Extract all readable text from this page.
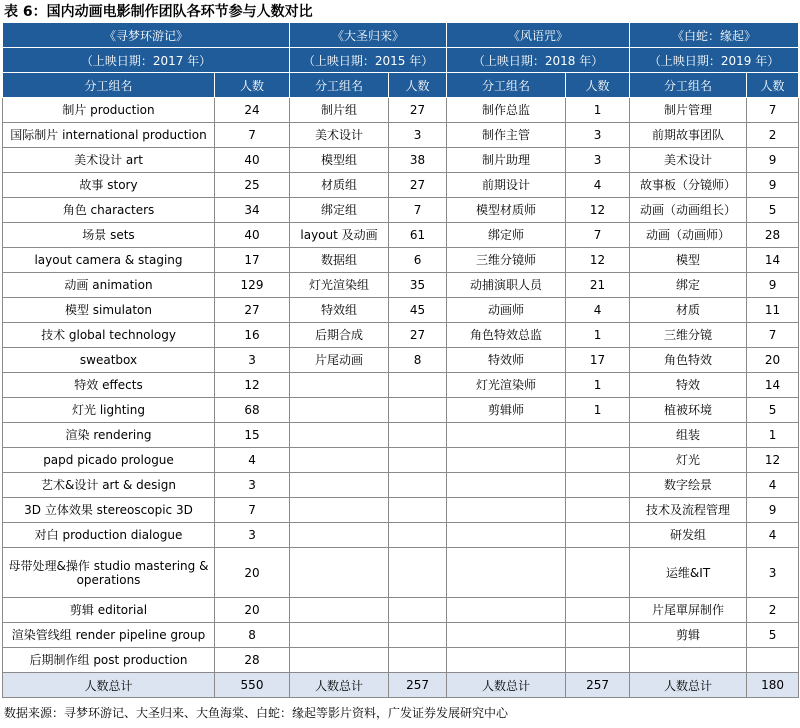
表 6：国内动画电影制作团队各环节参与人数对比
《寻梦环游记》		《大圣归来》		《风语咒》		《白蛇：缘起》	
（上映日期：2017 年）		（上映日期：2015 年）		（上映日期：2018 年）		（上映日期：2019 年）	
分工组名	人数	分工组名	人数	分工组名	人数	分工组名	人数
制片 production	24	制片组	27	制作总监	1	制片管理	7
国际制片 international production	7	美术设计	3	制作主管	3	前期故事团队	2
美术设计 art	40	模型组	38	制片助理	3	美术设计	9
故事 story	25	材质组	27	前期设计	4	故事板（分镜师）	9
角色 characters	34	绑定组	7	模型材质师	12	动画（动画组长）	5
场景 sets	40	layout 及动画	61	绑定师	7	动画（动画师）	28
layout camera & staging	17	数据组	6	三维分镜师	12	模型	14
动画 animation	129	灯光渲染组	35	动捕演职人员	21	绑定	9
模型 simulaton	27	特效组	45	动画师	4	材质	11
技术 global technology	16	后期合成	27	角色特效总监	1	三维分镜	7
sweatbox	3	片尾动画	8	特效师	17	角色特效	20
特效 effects	12			灯光渲染师	1	特效	14
灯光 lighting	68			剪辑师	1	植被环境	5
渲染 rendering	15					组装	1
papd picado prologue	4					灯光	12
艺术&设计 art & design	3					数字绘景	4
3D 立体效果 stereoscopic 3D	7					技术及流程管理	9
对白 production dialogue	3					研发组	4
母带处理&操作 studio mastering & operations	20					运维&IT	3
剪辑 editorial	20					片尾單屏制作	2
渲染管线组 render pipeline group	8					剪辑	5
后期制作组 post production	28						
人数总计	550	人数总计	257	人数总计	257	人数总计	180
数据来源：寻梦环游记、大圣归来、大鱼海棠、白蛇：缘起等影片资料，广发证券发展研究中心
